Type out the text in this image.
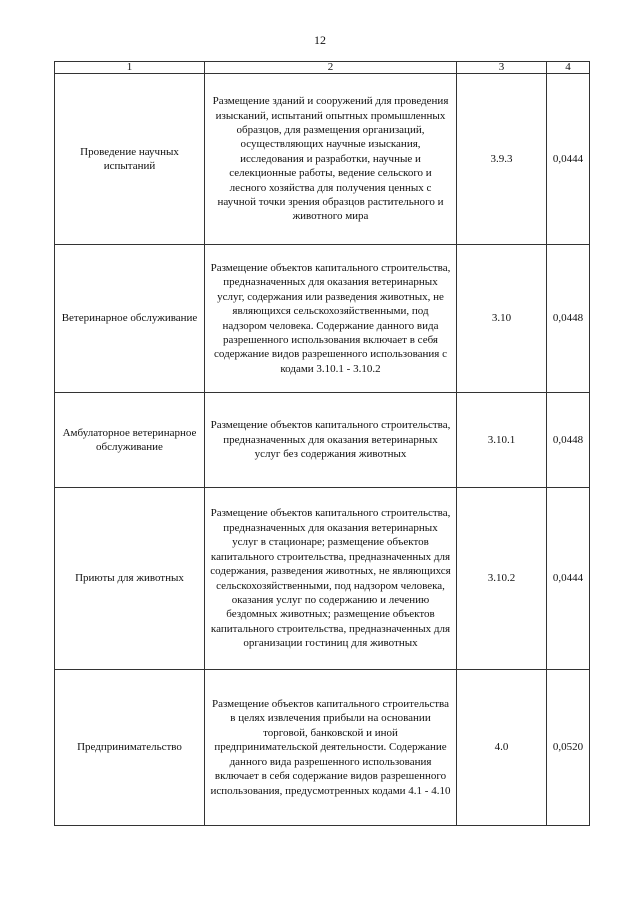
12
1	2	3	4
Проведение научных испытаний	Размещение зданий и сооружений для проведения изысканий, испытаний опытных промышленных образцов, для размещения организаций, осуществляющих научные изыскания, исследования и разработки, научные и селекционные работы, ведение сельского и лесного хозяйства для получения ценных с научной точки зрения образцов растительного и животного мира	3.9.3	0,0444
Ветеринарное обслуживание	Размещение объектов капитального строительства, предназначенных для оказания ветеринарных услуг, содержания или разведения животных, не являющихся сельскохозяйственными, под надзором человека. Содержание данного вида разрешенного использования включает в себя содержание видов разрешенного использования с кодами 3.10.1 - 3.10.2	3.10	0,0448
Амбулаторное ветеринарное обслуживание	Размещение объектов капитального строительства, предназначенных для оказания ветеринарных услуг без содержания животных	3.10.1	0,0448
Приюты для животных	Размещение объектов капитального строительства, предназначенных для оказания ветеринарных услуг в стационаре; размещение объектов капитального строительства, предназначенных для содержания, разведения животных, не являющихся сельскохозяйственными, под надзором человека, оказания услуг по содержанию и лечению бездомных животных; размещение объектов капитального строительства, предназначенных для организации гостиниц для животных	3.10.2	0,0444
Предпринимательство	Размещение объектов капитального строительства в целях извлечения прибыли на основании торговой, банковской и иной предпринимательской деятельности. Содержание данного вида разрешенного использования включает в себя содержание видов разрешенного использования, предусмотренных кодами 4.1 - 4.10	4.0	0,0520
